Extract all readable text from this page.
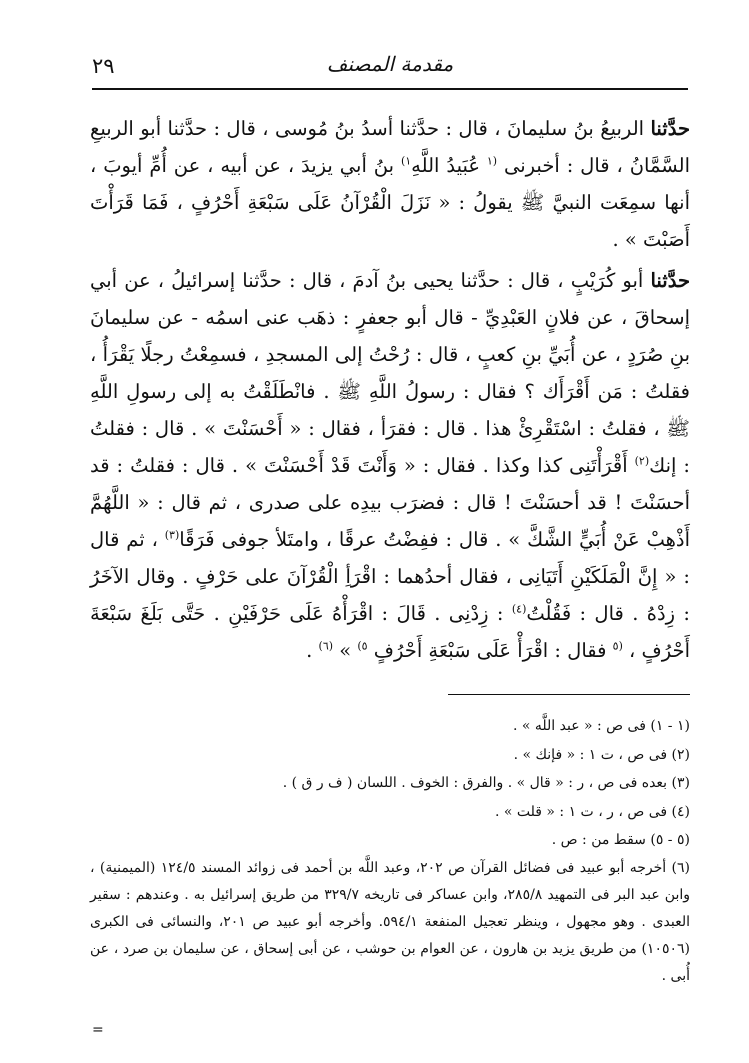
٢٩	مقدمة المصنف

حدَّثنا الربيعُ بنُ سليمانَ ، قال : حدَّثنا أسدُ بنُ مُوسى ، قال : حدَّثنا أبو الربيعِ السَّمَّانُ ، قال : أخبرنى $^{(١}$ عُبَيدُ اللَّهِ$^{١)}$ بنُ أبي يزيدَ ، عن أبيه ، عن أُمِّ أيوبَ ، أنها سمِعَت النبيَّ ﷺ يقولُ : « نَزَلَ الْقُرْآنُ عَلَى سَبْعَةِ أَحْرُفٍ ، فَمَا قَرَأْتَ أَصَبْتَ » .

حدَّثنا أبو كُرَيْبٍ ، قال : حدَّثنا يحيى بنُ آدمَ ، قال : حدَّثنا إسرائيلُ ، عن أبي إسحاقَ ، عن فلانٍ العَبْدِيِّ - قال أبو جعفرٍ : ذهَب عنى اسمُه - عن سليمانَ بنِ صُرَدٍ ، عن أُبَيِّ بنِ كعبٍ ، قال : رُحْتُ إلى المسجدِ ، فسمِعْتُ رجلًا يَقْرَأُ ، فقلتُ : مَن أَقْرَأَك ؟ فقال : رسولُ اللَّهِ ﷺ . فانْطَلَقْتُ به إلى رسولِ اللَّهِ ﷺ ، فقلتُ : اسْتَقْرِئْ هذا . قال : فقرَأ ، فقال : « أَحْسَنْتَ » . قال : فقلتُ : إنك$^{(٢)}$ أَقْرَأْتَنِى كذا وكذا . فقال : « وَأَنْتَ قَدْ أَحْسَنْتَ » . قال : فقلتُ : قد أحسَنْتَ ! قد أحسَنْتَ ! قال : فضرَب بيدِه على صدرى ، ثم قال : « اللَّهُمَّ أَذْهِبْ عَنْ أُبَيٍّ الشَّكَّ » . قال : ففِضْتُ عرقًا ، وامتَلأ جوفى فَرَقًا$^{(٣)}$ ، ثم قال : « إِنَّ الْمَلَكَيْنِ أَتَيَانِى ، فقال أحدُهما : اقْرَأِ الْقُرْآنَ على حَرْفٍ . وقال الآخَرُ : زِدْهُ . قال : فَقُلْتُ$^{(٤)}$ : زِدْنِى . قَالَ : اقْرَأْهُ عَلَى حَرْفَيْنِ . حَتَّى بَلَغَ سَبْعَةَ أَحْرُفٍ ، $^{(٥}$ فقال : اقْرَأْ عَلَى سَبْعَةِ أَحْرُفٍ $^{٥)}$ » $^{(٦)}$ .

(١ - ١) فى ص : « عبد اللَّه » .

(٢) فى ص ، ت ١ : « فإنك » .

(٣) بعده فى ص ، ر : « قال » . والفرق : الخوف . اللسان ( ف ر ق ) .

(٤) فى ص ، ر ، ت ١ : « قلت » .

(٥ - ٥) سقط من : ص .

(٦) أخرجه أبو عبيد فى فضائل القرآن ص ٢٠٢، وعبد اللَّه بن أحمد فى زوائد المسند ١٢٤/٥ (الميمنية) ، وابن عبد البر فى التمهيد ٢٨٥/٨، وابن عساكر فى تاريخه ٣٢٩/٧ من طريق إسرائيل به . وعندهم : سقير العبدى . وهو مجهول ، وينظر تعجيل المنفعة ٥٩٤/١. وأخرجه أبو عبيد ص ٢٠١، والنسائى فى الكبرى (١٠٥٠٦) من طريق يزيد بن هارون ، عن العوام بن حوشب ، عن أبى إسحاق ، عن سليمان بن صرد ، عن أُبى .

=
